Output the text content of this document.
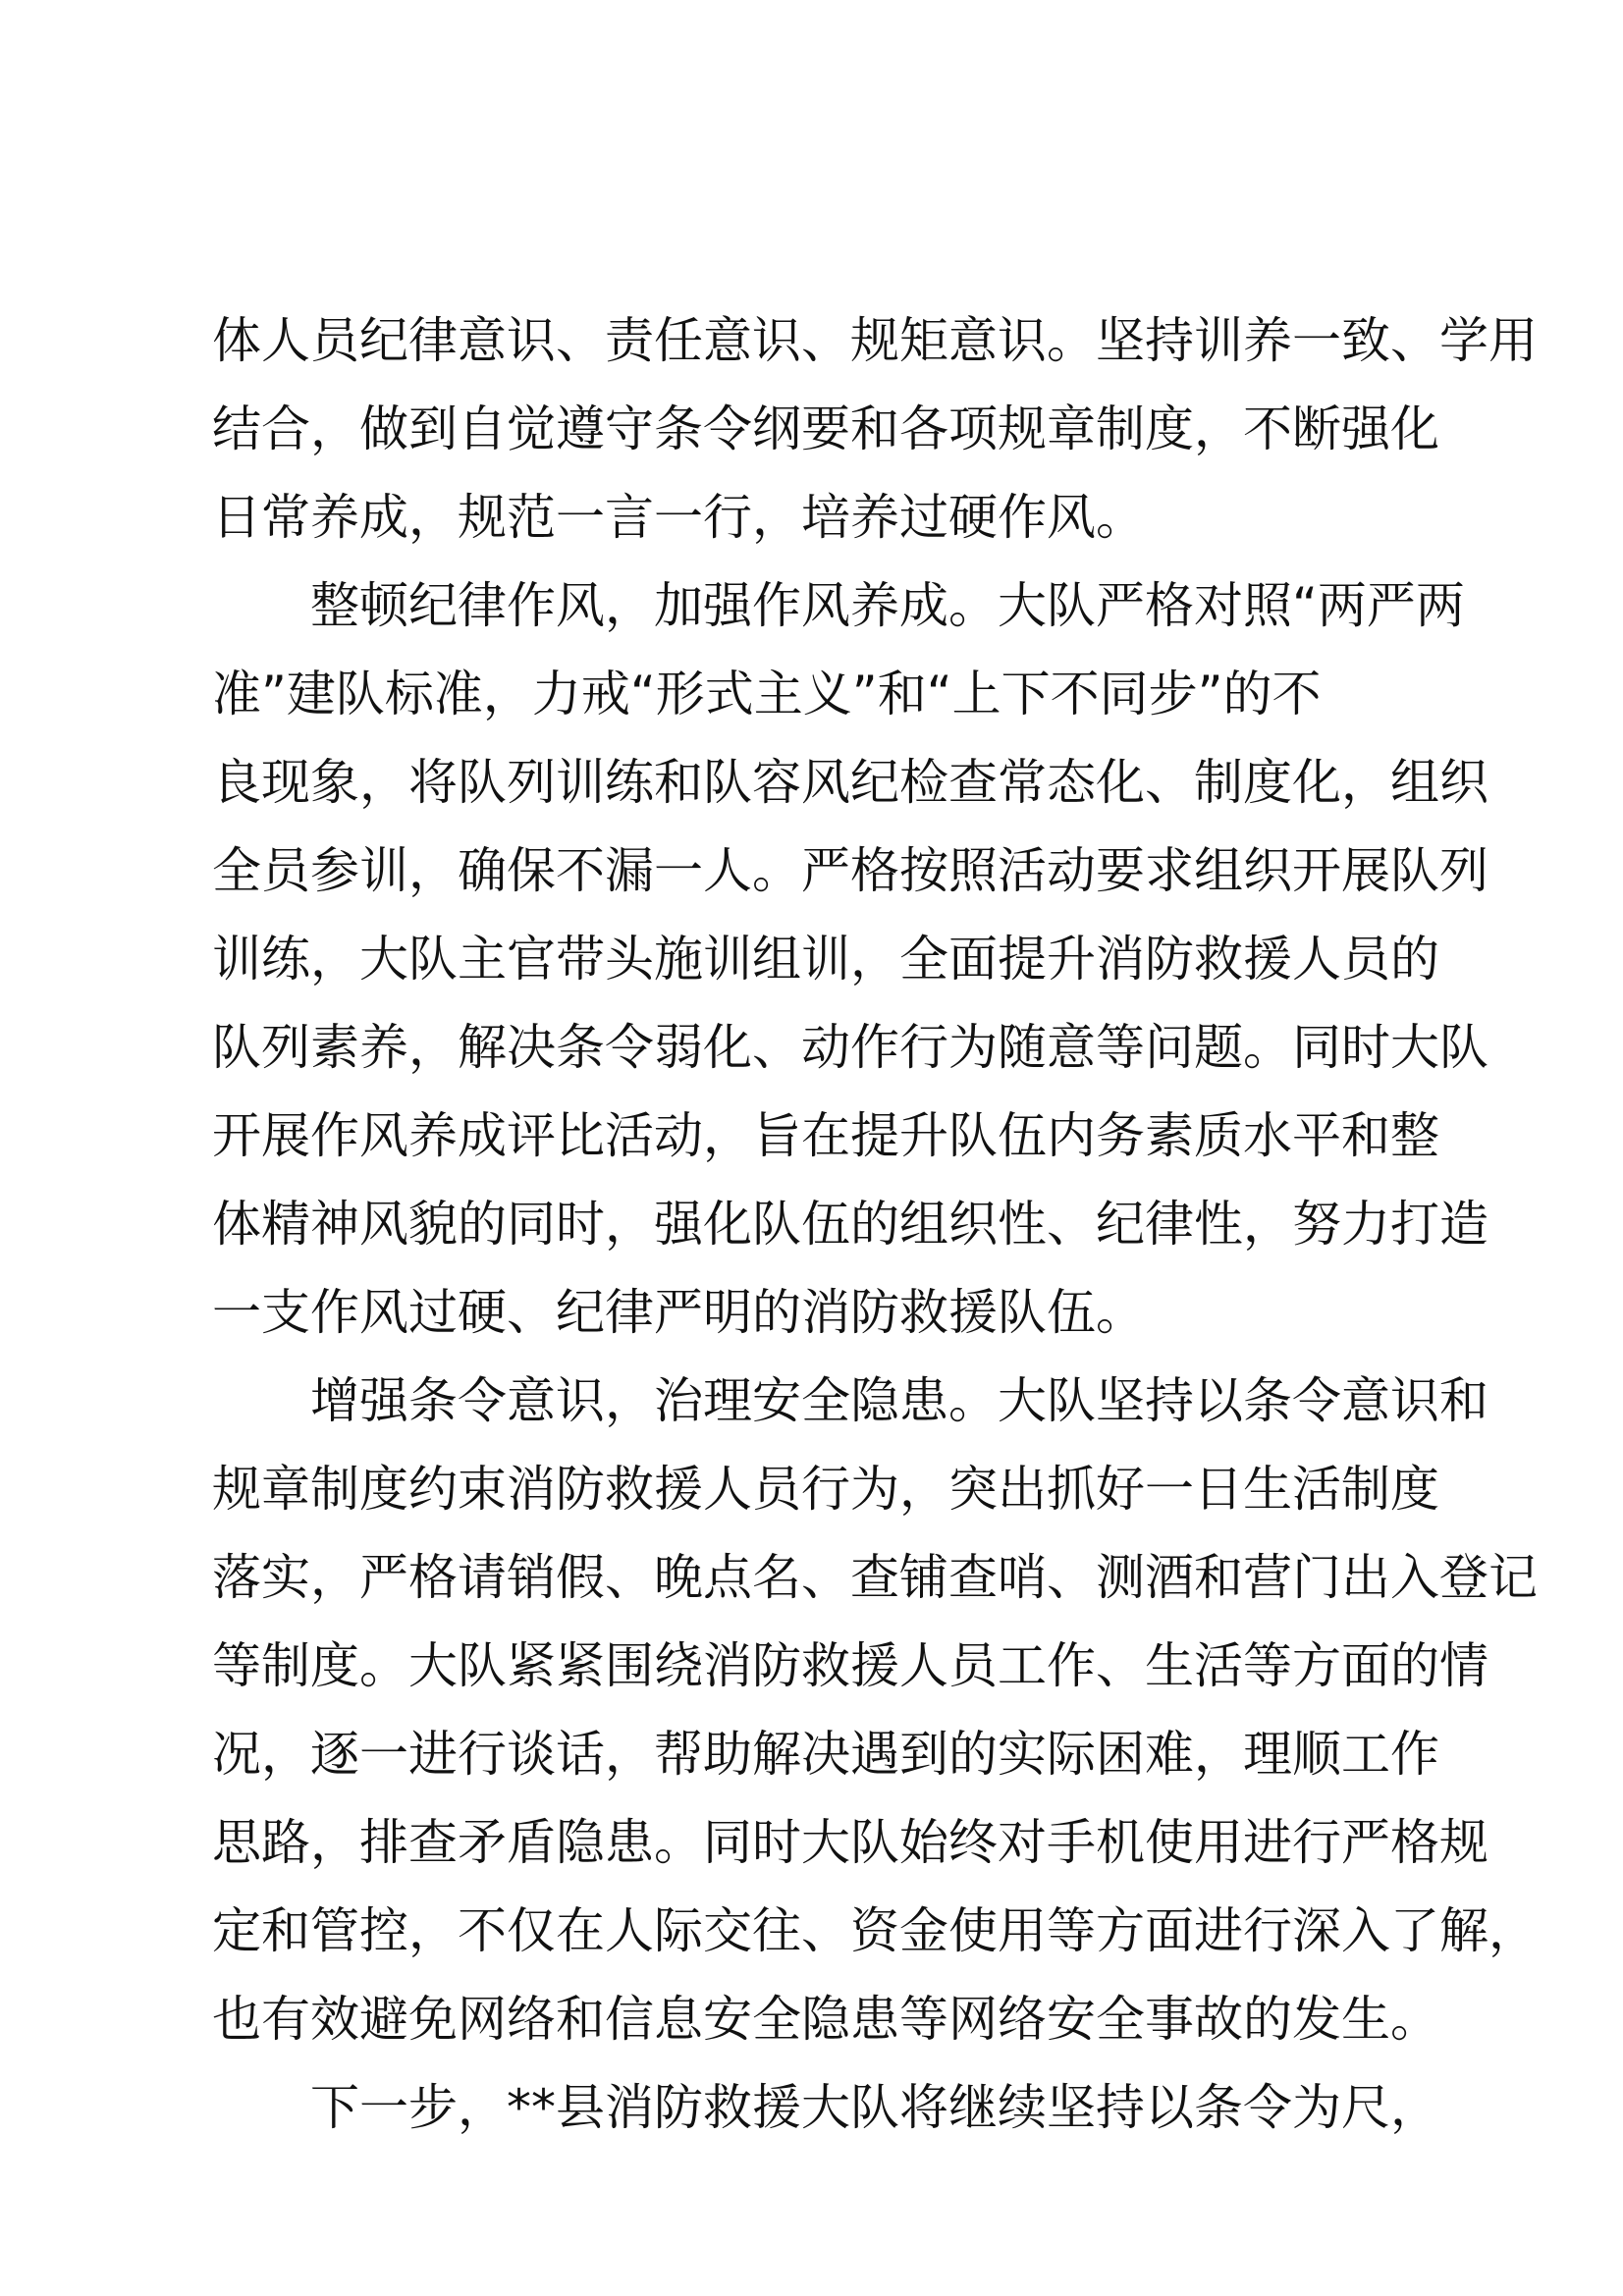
体人员纪律意识、责任意识、规矩意识。坚持训养一致、学用

结合，做到自觉遵守条令纲要和各项规章制度，不断强化

日常养成，规范一言一行，培养过硬作风。

整顿纪律作风，加强作风养成。大队严格对照“两严两

准”建队标准，力戒“形式主义”和“上下不同步”的不

良现象，将队列训练和队容风纪检查常态化、制度化，组织

全员参训，确保不漏一人。严格按照活动要求组织开展队列

训练，大队主官带头施训组训，全面提升消防救援人员的

队列素养，解决条令弱化、动作行为随意等问题。同时大队

开展作风养成评比活动，旨在提升队伍内务素质水平和整

体精神风貌的同时，强化队伍的组织性、纪律性，努力打造

一支作风过硬、纪律严明的消防救援队伍。

增强条令意识，治理安全隐患。大队坚持以条令意识和

规章制度约束消防救援人员行为，突出抓好一日生活制度

落实，严格请销假、晚点名、查铺查哨、测酒和营门出入登记

等制度。大队紧紧围绕消防救援人员工作、生活等方面的情

况，逐一进行谈话，帮助解决遇到的实际困难，理顺工作

思路，排查矛盾隐患。同时大队始终对手机使用进行严格规

定和管控，不仅在人际交往、资金使用等方面进行深入了解，

也有效避免网络和信息安全隐患等网络安全事故的发生。

下一步，**县消防救援大队将继续坚持以条令为尺，
